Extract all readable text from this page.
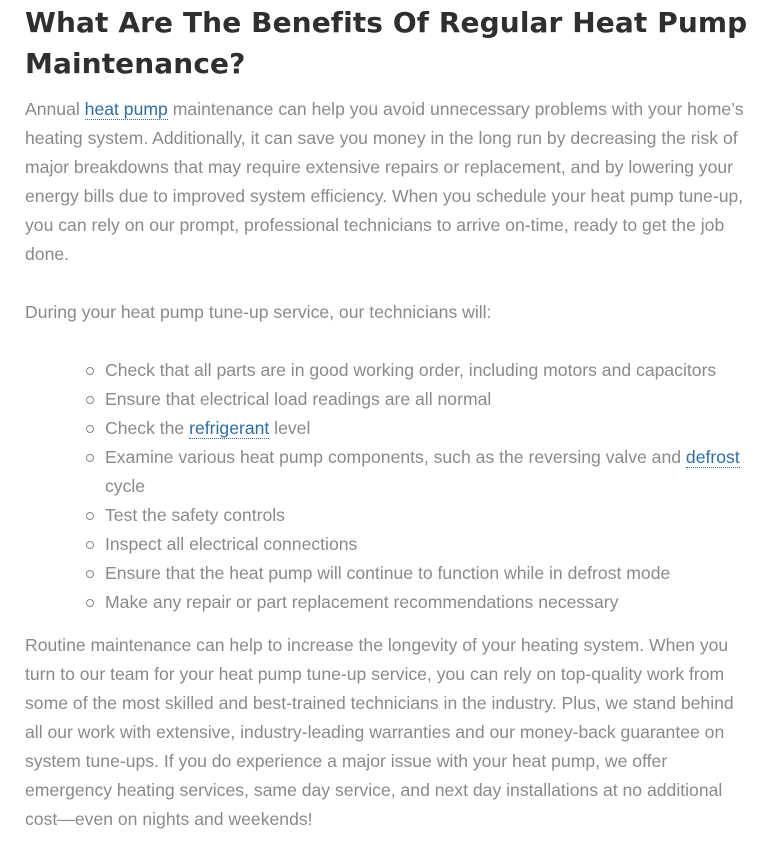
What Are The Benefits Of Regular Heat Pump Maintenance?

Annual heat pump maintenance can help you avoid unnecessary problems with your home’s heating system. Additionally, it can save you money in the long run by decreasing the risk of major breakdowns that may require extensive repairs or replacement, and by lowering your energy bills due to improved system efficiency. When you schedule your heat pump tune-up, you can rely on our prompt, professional technicians to arrive on-time, ready to get the job done.

During your heat pump tune-up service, our technicians will:

Check that all parts are in good working order, including motors and capacitors
Ensure that electrical load readings are all normal
Check the refrigerant level
Examine various heat pump components, such as the reversing valve and defrost cycle
Test the safety controls
Inspect all electrical connections
Ensure that the heat pump will continue to function while in defrost mode
Make any repair or part replacement recommendations necessary

Routine maintenance can help to increase the longevity of your heating system. When you turn to our team for your heat pump tune-up service, you can rely on top-quality work from some of the most skilled and best-trained technicians in the industry. Plus, we stand behind all our work with extensive, industry-leading warranties and our money-back guarantee on system tune-ups. If you do experience a major issue with your heat pump, we offer emergency heating services, same day service, and next day installations at no additional cost—even on nights and weekends!
